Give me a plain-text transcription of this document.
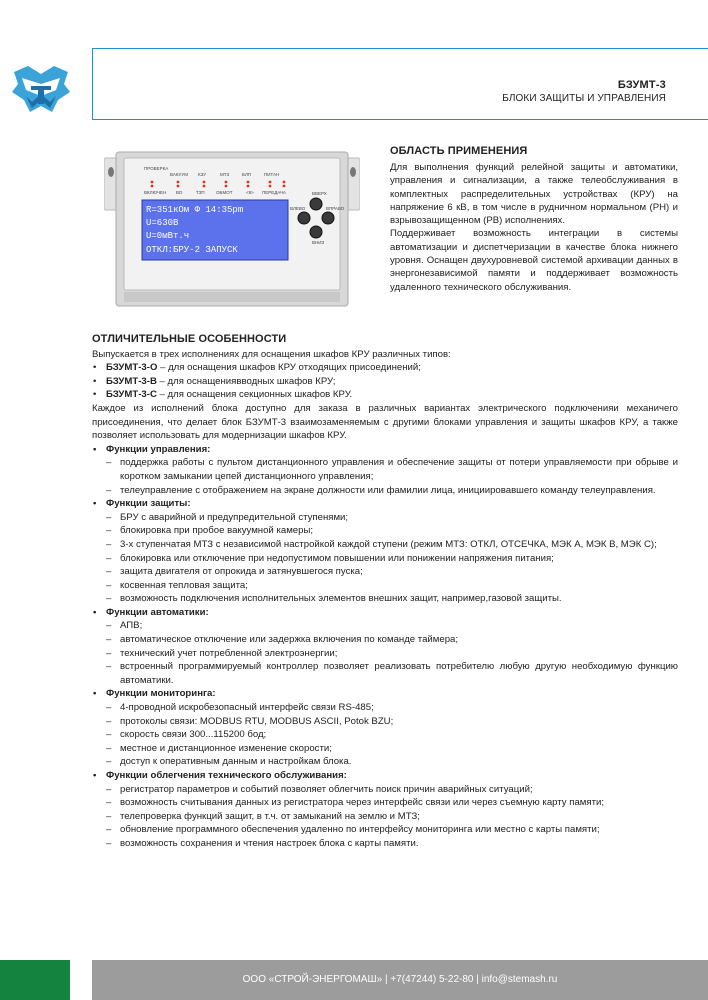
БЗУМТ-3
БЛОКИ ЗАЩИТЫ И УПРАВЛЕНИЯ
ПРОВЕРКА
ВАКУУМ КЗУ	МТЗ	БЛП	ПИТАН
ВКЛЮЧЕН ВО	ТЗП	ОБМОТ	<9> ПЕРЕДАЧА
R=351кОм Ф 14:35pm
U=630В
U=0мВт.ч
ОТКЛ:БРУ-2 ЗАПУСК
ВВЕРХ
ВЛЕВО	ВПРАВО
ВНИЗ
ОБЛАСТЬ ПРИМЕНЕНИЯ

Для выполнения функций релейной защиты и автоматики, управления и сигнализации, а также телеобслуживания в комплектных распределительных устройствах (КРУ) на напряжение 6 кВ, в том числе в рудничном нормальном (РН) и взрывозащищенном (РВ) исполнениях.

Поддерживает возможность интеграции в системы автоматизации и диспетчеризации в качестве блока нижнего уровня. Оснащен двухуровневой системой архивации данных в энергонезависимой памяти и поддерживает возможность удаленного технического обслуживания.

ОТЛИЧИТЕЛЬНЫЕ ОСОБЕННОСТИ

Выпускается в трех исполнениях для оснащения шкафов КРУ различных типов:

• БЗУМТ-3-О – для оснащения шкафов КРУ отходящих присоединений;
• БЗУМТ-3-В – для оснащениявводных шкафов КРУ;
• БЗУМТ-3-С – для оснащения секционных шкафов КРУ.

Каждое из исполнений блока доступно для заказа в различных вариантах электрического подключенияи механичего присоединения, что делает блок БЗУМТ-3 взаимозаменяемым с другими блоками управления и защиты шкафов КРУ, а также позволяет использовать для модернизации шкафов КРУ.

• Функции управления:
– поддержка работы с пультом дистанционного управления и обеспечение защиты от потери управляемости при обрыве и коротком замыкании цепей дистанционного управления;
– телеуправление с отображением на экране должности или фамилии лица, инициировавшего команду телеуправления.
• Функции защиты:
– БРУ с аварийной и предупредительной ступенями;
– блокировка при пробое вакуумной камеры;
– 3-х ступенчатая МТЗ с независимой настройкой каждой ступени (режим МТЗ: ОТКЛ, ОТСЕЧКА, МЭК А, МЭК В, МЭК С);
– блокировка или отключение при недопустимом повышении или понижении напряжения питания;
– защита двигателя от опрокида и затянувшегося пуска;
– косвенная тепловая защита;
– возможность подключения исполнительных элементов внешних защит, например,газовой защиты.
• Функции автоматики:
– АПВ;
– автоматическое отключение или задержка включения по команде таймера;
– технический учет потребленной электроэнергии;
– встроенный программируемый контроллер позволяет реализовать потребителю любую другую необходимую функцию автоматики.
• Функции мониторинга:
– 4-проводной искробезопасный интерфейс связи RS-485;
– протоколы связи: MODBUS RTU, MODBUS ASCII, Potok BZU;
– скорость связи 300...115200 бод;
– местное и дистанционное изменение скорости;
– доступ к оперативным данным и настройкам блока.
• Функции облегчения технического обслуживания:
– регистратор параметров и событий позволяет облегчить поиск причин аварийных ситуаций;
– возможность считывания данных из регистратора через интерфейс связи или через съемную карту памяти;
– телепроверка функций защит, в т.ч. от замыканий на землю и МТЗ;
– обновление программного обеспечения удаленно по интерфейсу мониторинга или местно с карты памяти;
– возможность сохранения и чтения настроек блока с карты памяти.
ООО «СТРОЙ-ЭНЕРГОМАШ» | +7(47244) 5-22-80 | info@stemash.ru
